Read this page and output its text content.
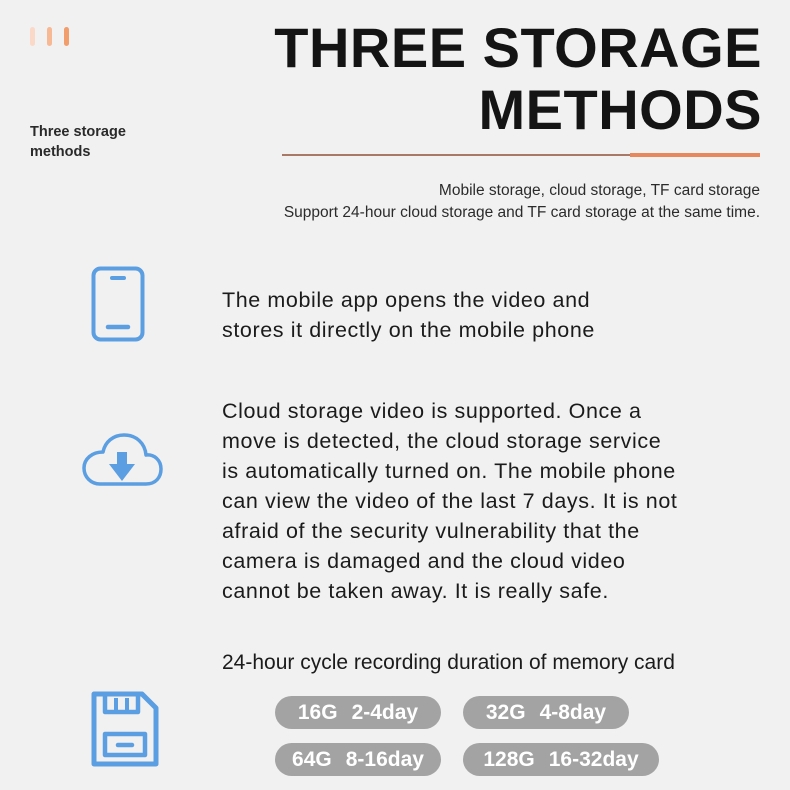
Three storage
methods
THREE STORAGE
METHODS
Mobile storage, cloud storage, TF card storage
Support 24-hour cloud storage and TF card storage at the same time.
The mobile app opens the video and
stores it directly on the mobile phone
Cloud storage video is supported. Once a
move is detected, the cloud storage service
is automatically turned on. The mobile phone
can view the video of the last 7 days. It is not
afraid of the security vulnerability that the
camera is damaged and the cloud video
cannot be taken away. It is really safe.
24-hour cycle recording duration of memory card
16G 2-4day	32G 4-8day
64G 8-16day	128G 16-32day
